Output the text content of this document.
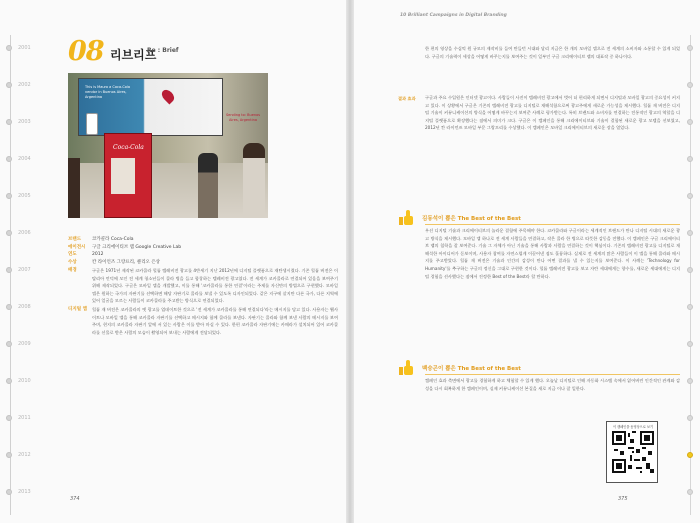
2001
2002
2003
2004
2005
2006
2007
2008
2009
2010
2011
2012
2013
08 리브리프
Re : Brief
This is Mauro a Coca-Cola vendor in Buenos Aires, Argentina
Sending to: Buenos Aires, Argentina
Coca-Cola
브랜드	코카콜라 Coca-Cola
에이전시	구글 크리에이티브 랩 Google Creative Lab
연도	2012
수상	칸 라이언즈 그랑프리, 클리오 은상
배경	구글은 1971년 제작된 코카콜라 힐톱 텔레비전 광고를 4반세기 지난 2012년에 디지털 플랫폼으로 재탄생시켰다. 기존 힐톱 버전은 이탈리아 언덕에 모인 전 세계 청소년들이 콜라 병을 들고 합창하는 텔레비전 광고였다. 전 세계가 코카콜라로 연결되어 있음을 보여주기 위해 제작되었다. 구글은 모바일 앱을 개발했고, 이를 통해 '코카콜라를 통한 연결'이라는 주제를 자신만의 방법으로 구현했다. 모바일 앱은 원하는 국가의 자판기를 선택하면 해당 자판기로 콜라를 보낼 수 있도록 디자인되었다. 같은 지구에 살지만 다른 국가, 다른 지역에 있어 얼굴을 모르는 사람들이 코카콜라를 주고받는 방식으로 연결되었다.
디지털 앱	힐톱 재 버전은 코카콜라의 옛 광고를 업데이트한 것으로 '전 세계가 코카콜라를 통해 연결되다'라는 메시지를 담고 있다. 사용자는 웹사이트나 모바일 앱을 통해 코카콜라 자판기를 선택하고 메시지와 함께 콜라를 보낸다. 자판기는 콜라와 함께 보낸 사람의 메시지를 보여주며, 현지의 코카콜라 자판기 앞에 서 있는 사람은 이를 받아 마실 수 있다. 한편 코카콜라 자판기에는 카메라가 설치되어 있어 코카콜라를 선물로 받은 사람의 모습이 촬영되어 보내는 사람에게 전달되었다.
10 Brilliant Campaigns in Digital Branding
한 편의 영상을 수십억 원 규모의 제작비를 들여 만들던 시대와 달리 지금은 한 개의 모바일 앱으로 전 세계의 소비자와 소통할 수 있게 되었다. 구글의 기술력이 세상을 어떻게 바꾸는지를 보여주는 것이 일부인 구글 크리에이티브 랩의 대표작 중 하나이다.
결과 효과 구글과 주요 수입원은 인터넷 광고이다. 사람들이 사진이 텔레비전 광고에서 벗어 더 편리하게 되면서 디지털과 모바일 광고의 중요성이 커지고 있다. 이 상황에서 구글은 기존의 텔레비전 광고를 디지털로 재해석함으로써 광고주에게 새로운 가능성을 제시했다. 힐톱 재 버전은 디지털 기술이 커뮤니케이션의 방식을 어떻게 바꾸는지 보여준 사례로 평가받는다. 특히 브랜드와 소비자를 연결하는 전통적인 광고의 역할을 디지털 플랫폼으로 확장했다는 점에서 의미가 크다. 구글은 이 캠페인을 통해 크리에이티브와 기술이 결합된 새로운 광고 모델을 선보였고, 2012년 칸 라이언즈 모바일 부문 그랑프리를 수상했다. 이 캠페인은 모바일 크리에이티브의 새로운 장을 열었다.
김동석이 뽑은 The Best of the Best
우선 디지털 기술과 크리에이티브의 놀라운 결합에 주목해야 한다. 코카콜라와 구글이라는 세계적인 브랜드가 만나 디지털 시대의 새로운 광고 방식을 제시했다. 모바일 앱 하나로 전 세계 사람들을 연결하고, 작은 콜라 한 병으로 따뜻한 감동을 전했다. 이 캠페인은 구글 크리에이티브 랩의 철학을 잘 보여준다. 기술 그 자체가 아닌 기술을 통해 사람과 사람을 연결하는 것이 핵심이다. 기존의 텔레비전 광고를 디지털로 재해석한 아이디어가 돋보이며, 사용자 참여를 자연스럽게 이끌어낸 점도 훌륭하다. 실제로 전 세계의 많은 사람들이 이 앱을 통해 콜라와 메시지를 주고받았다. 힐톱 재 버전은 기술과 인간의 감성이 만나 어떤 결과를 낼 수 있는지를 보여준다. 이 사례는 'Technology for Humanity'를 추구하는 구글의 정신을 그대로 구현한 것이다. 힐톱 텔레비전 광고를 보고 자란 세대에게는 향수를, 새로운 세대에게는 디지털 경험을 선사했다는 점에서 진정한 Best of the Best라 할 만하다.
백승곤이 뽑은 The Best of the Best
캠페인 효과 측면에서 광고를 경험하게 하고 체험할 수 있게 했다. 오늘날 디지털로 인해 자동화 시스템 속에서 잃어버린 인간적인 관계와 감성을 다시 회복하게 한 캠페인이며, 실제 커뮤니케이션 본질을 새로 지금 이나 잘 일한다.
이 캠페인을 동영상으로 보기
374	375
